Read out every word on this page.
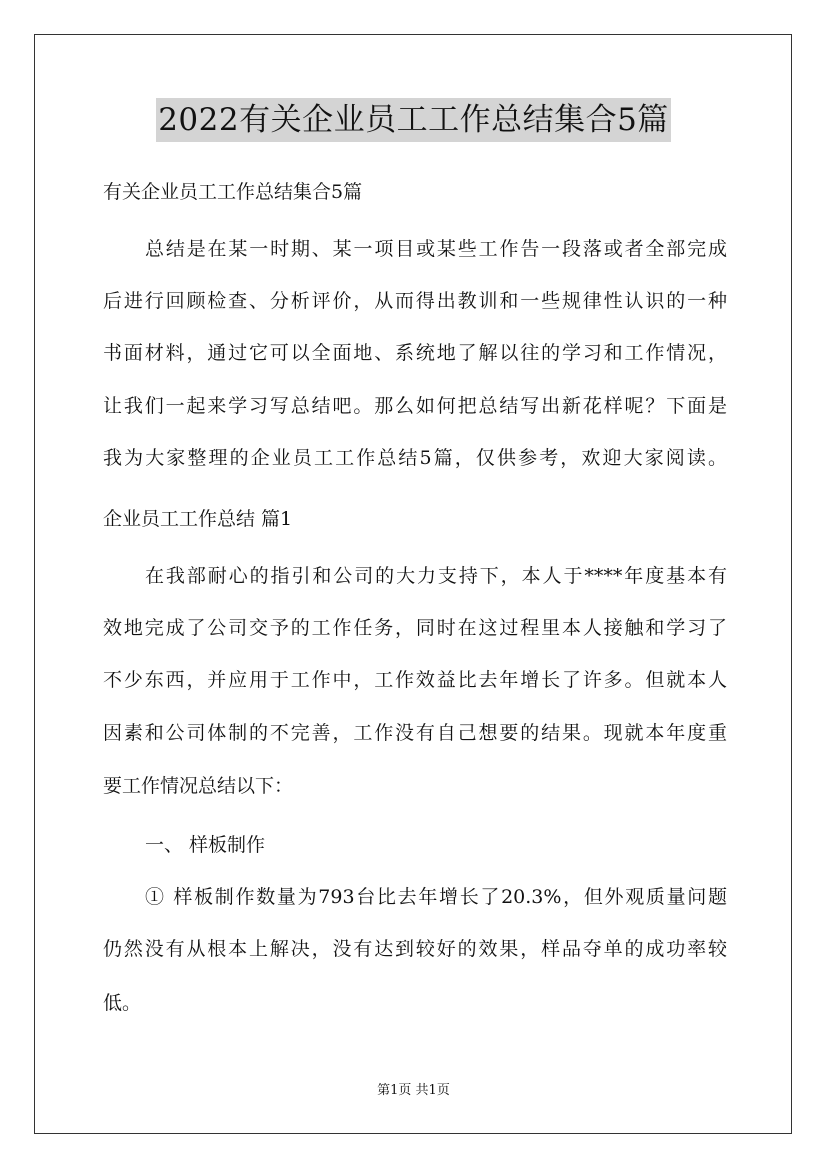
2022有关企业员工工作总结集合5篇
有关企业员工工作总结集合5篇
总结是在某一时期、某一项目或某些工作告一段落或者全部完成
后进行回顾检查、分析评价，从而得出教训和一些规律性认识的一种
书面材料，通过它可以全面地、系统地了解以往的学习和工作情况，
让我们一起来学习写总结吧。那么如何把总结写出新花样呢？下面是
我为大家整理的企业员工工作总结5篇，仅供参考，欢迎大家阅读。
企业员工工作总结 篇1
在我部耐心的指引和公司的大力支持下，本人于****年度基本有
效地完成了公司交予的工作任务，同时在这过程里本人接触和学习了
不少东西，并应用于工作中，工作效益比去年增长了许多。但就本人
因素和公司体制的不完善，工作没有自己想要的结果。现就本年度重
要工作情况总结以下：
一、 样板制作
① 样板制作数量为793台比去年增长了20.3%，但外观质量问题
仍然没有从根本上解决，没有达到较好的效果，样品夺单的成功率较
低。
第1页 共1页
